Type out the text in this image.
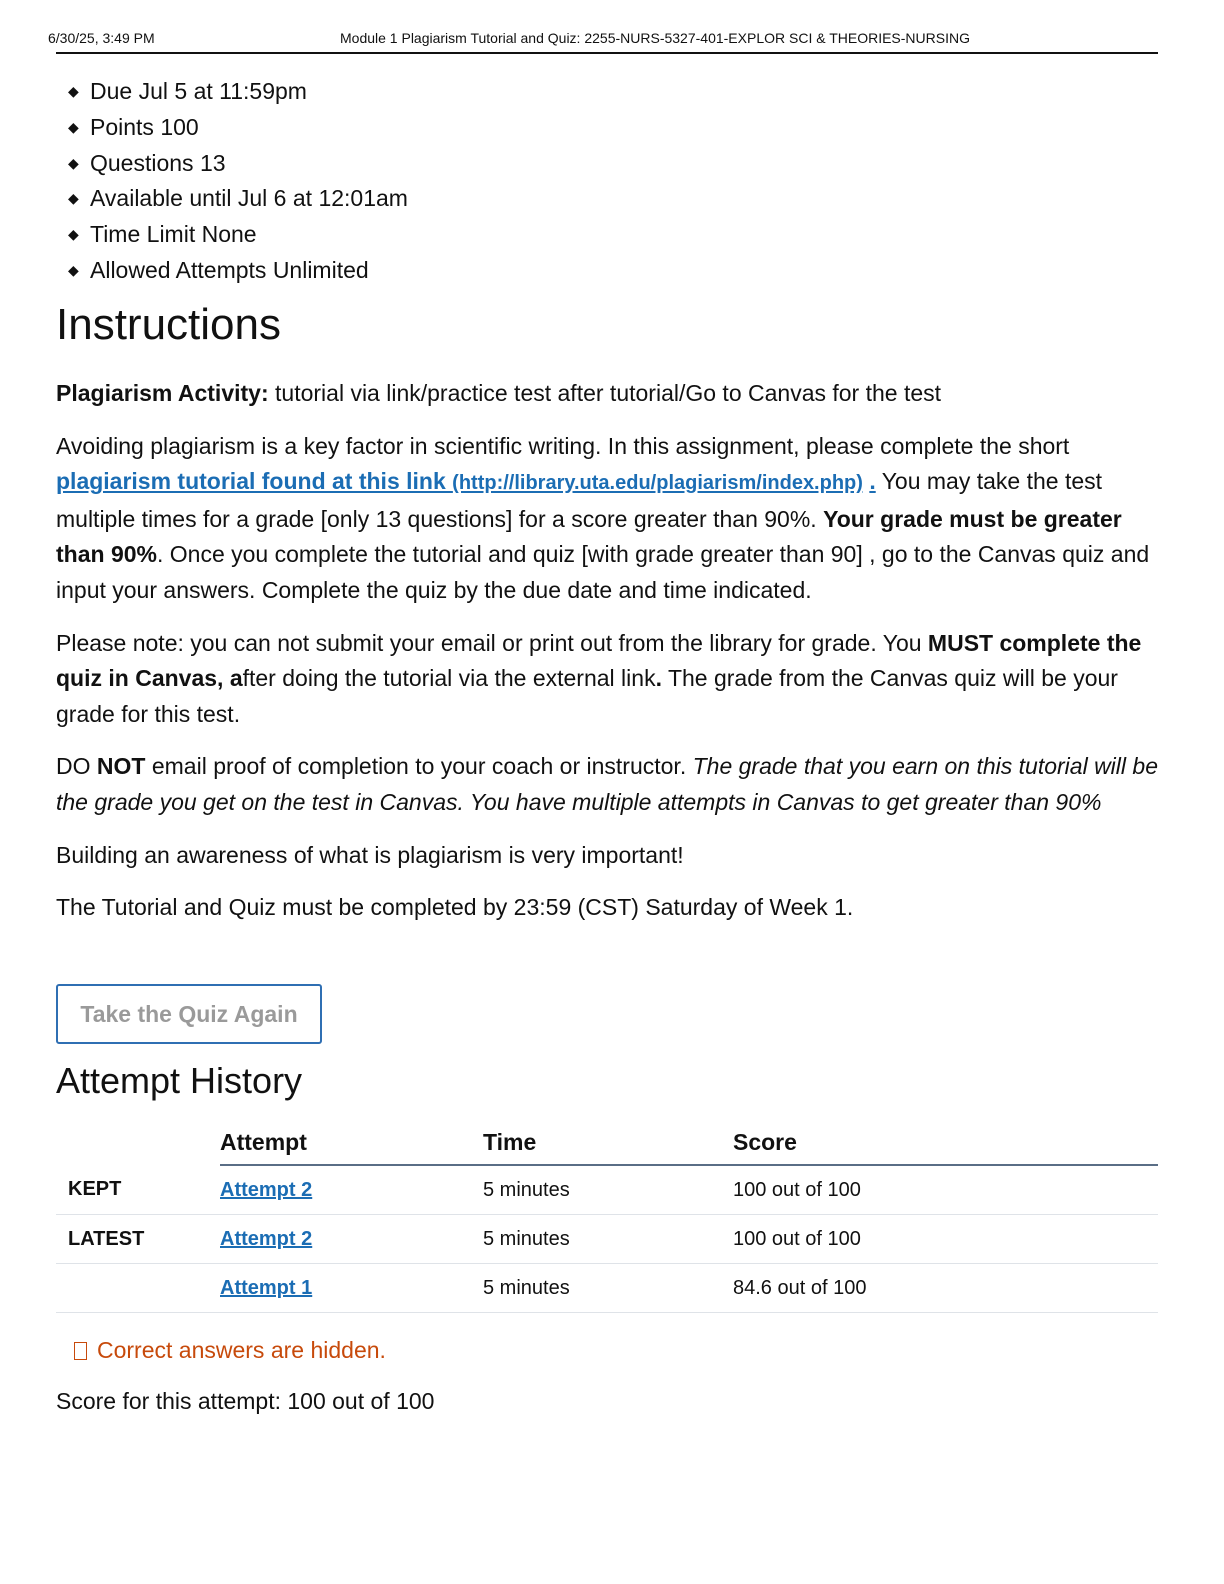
6/30/25, 3:49 PM	Module 1 Plagiarism Tutorial and Quiz: 2255-NURS-5327-401-EXPLOR SCI & THEORIES-NURSING
◆ Due Jul 5 at 11:59pm
◆ Points 100
◆ Questions 13
◆ Available until Jul 6 at 12:01am
◆ Time Limit None
◆ Allowed Attempts Unlimited
Instructions

Plagiarism Activity: tutorial via link/practice test after tutorial/Go to Canvas for the test

Avoiding plagiarism is a key factor in scientific writing. In this assignment, please complete the short plagiarism tutorial found at this link (http://library.uta.edu/plagiarism/index.php) . You may take the test multiple times for a grade [only 13 questions] for a score greater than 90%. Your grade must be greater than 90%. Once you complete the tutorial and quiz [with grade greater than 90] , go to the Canvas quiz and input your answers. Complete the quiz by the due date and time indicated.

Please note: you can not submit your email or print out from the library for grade. You MUST complete the quiz in Canvas, after doing the tutorial via the external link. The grade from the Canvas quiz will be your grade for this test.

DO NOT email proof of completion to your coach or instructor. The grade that you earn on this tutorial will be the grade you get on the test in Canvas. You have multiple attempts in Canvas to get greater than 90%

Building an awareness of what is plagiarism is very important!

The Tutorial and Quiz must be completed by 23:59 (CST) Saturday of Week 1.

Take the Quiz Again
Attempt History
	Attempt	Time	Score
KEPT	Attempt 2	5 minutes	100 out of 100
LATEST	Attempt 2	5 minutes	100 out of 100
	Attempt 1	5 minutes	84.6 out of 100
Correct answers are hidden.
Score for this attempt: 100 out of 100
